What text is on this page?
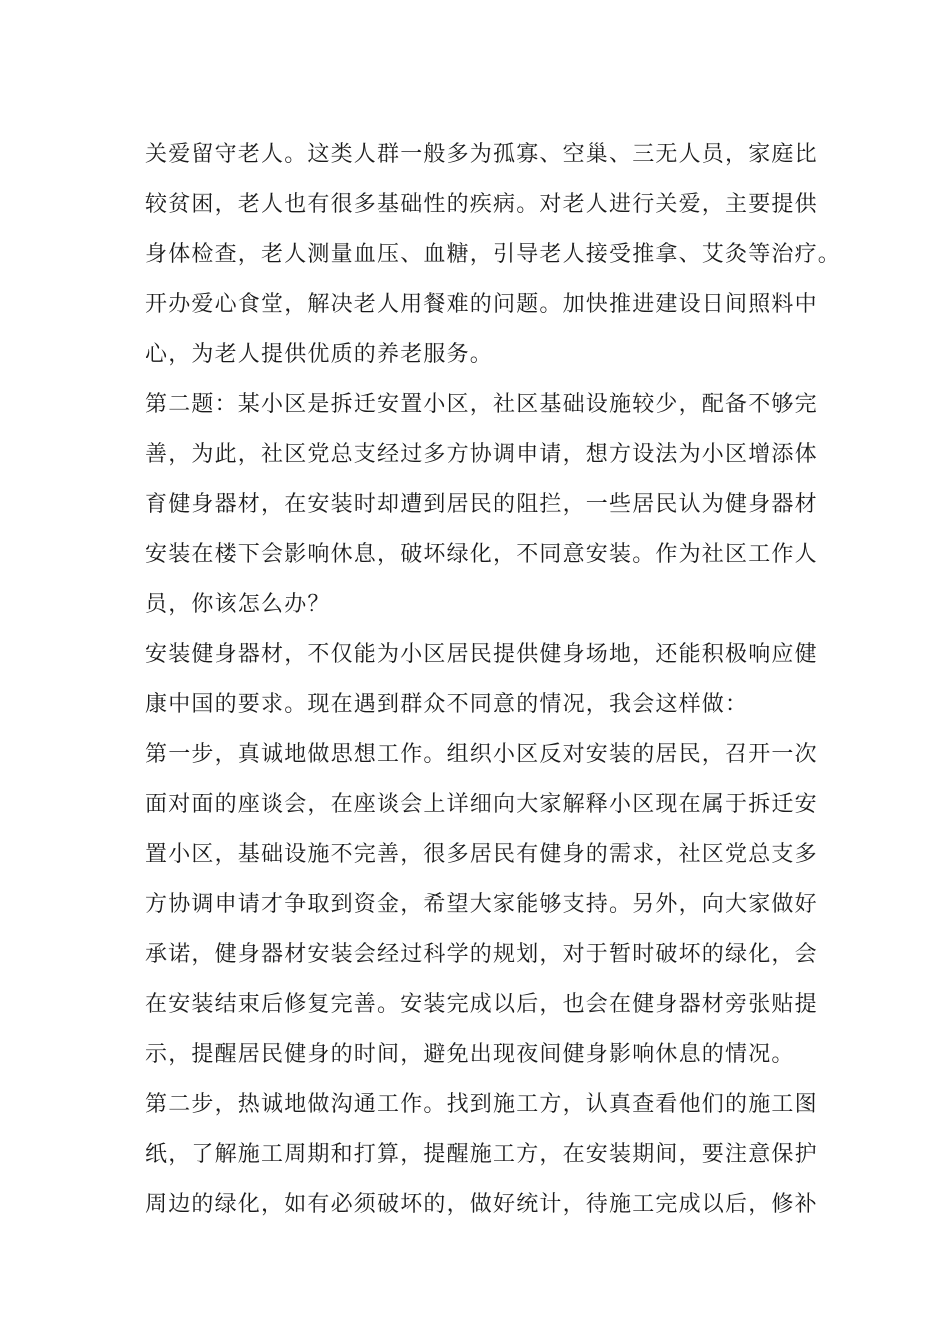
关爱留守老人。这类人群一般多为孤寡、空巢、三无人员，家庭比
较贫困，老人也有很多基础性的疾病。对老人进行关爱，主要提供
身体检查，老人测量血压、血糖，引导老人接受推拿、艾灸等治疗。
开办爱心食堂，解决老人用餐难的问题。加快推进建设日间照料中
心，为老人提供优质的养老服务。
第二题：某小区是拆迁安置小区，社区基础设施较少，配备不够完
善，为此，社区党总支经过多方协调申请，想方设法为小区增添体
育健身器材，在安装时却遭到居民的阻拦，一些居民认为健身器材
安装在楼下会影响休息，破坏绿化，不同意安装。作为社区工作人
员，你该怎么办？
安装健身器材，不仅能为小区居民提供健身场地，还能积极响应健
康中国的要求。现在遇到群众不同意的情况，我会这样做：
第一步，真诚地做思想工作。组织小区反对安装的居民，召开一次
面对面的座谈会，在座谈会上详细向大家解释小区现在属于拆迁安
置小区，基础设施不完善，很多居民有健身的需求，社区党总支多
方协调申请才争取到资金，希望大家能够支持。另外，向大家做好
承诺，健身器材安装会经过科学的规划，对于暂时破坏的绿化，会
在安装结束后修复完善。安装完成以后，也会在健身器材旁张贴提
示，提醒居民健身的时间，避免出现夜间健身影响休息的情况。
第二步，热诚地做沟通工作。找到施工方，认真查看他们的施工图
纸，了解施工周期和打算，提醒施工方，在安装期间，要注意保护
周边的绿化，如有必须破坏的，做好统计，待施工完成以后，修补
